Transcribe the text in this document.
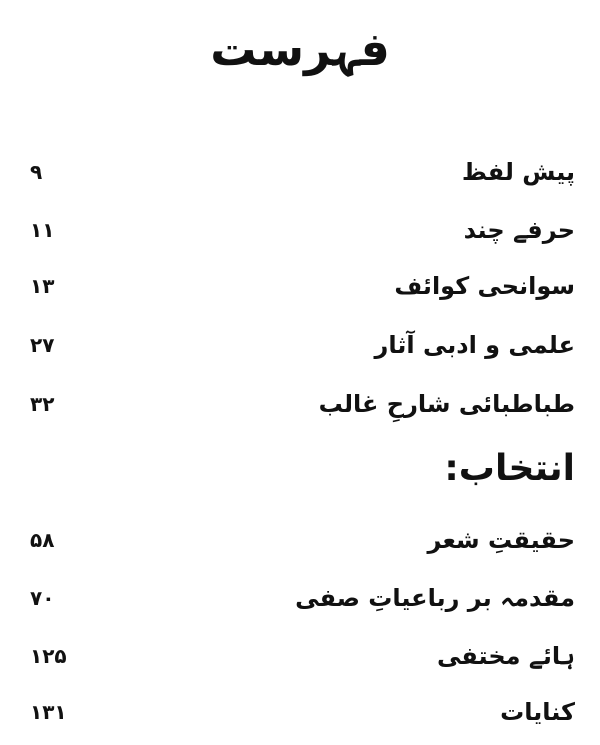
فہرست
پیش لفظ
۹
حرفے چند
۱۱
سوانحی کوائف
۱۳
علمی و ادبی آثار
۲۷
طباطبائی شارحِ غالب
۳۲
انتخاب:
حقیقتِ شعر
۵۸
مقدمہ بر رباعیاتِ صفی
۷۰
ہائے مختفی
۱۲۵
کنایات
۱۳۱
